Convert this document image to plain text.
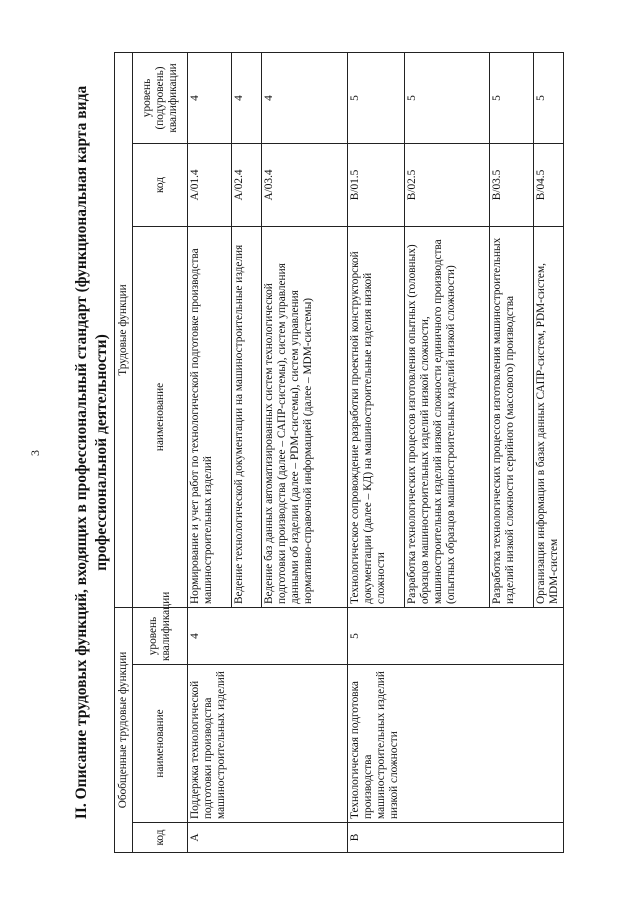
3 II. Описание трудовых функций, входящих в профессиональный стандарт (функциональная карта вида профессиональной деятельности)
Обобщенные трудовые функции			Трудовые функции		
код	наименование	уровень квалификации	наименование	код	уровень (подуровень) квалификации
A	Поддержка технологической подготовки производства машиностроительных изделий	4	Нормирование и учет работ по технологической подготовке производства машиностроительных изделий	A/01.4	4
			Ведение технологической документации на машиностроительные изделия	A/02.4	4
			Ведение баз данных автоматизированных систем технологической подготовки производства (далее – САПР-системы), систем управления данными об изделии (далее – PDM-системы), систем управления нормативно-справочной информацией (далее – MDM-системы)	A/03.4	4
B	Технологическая подготовка производства машиностроительных изделий низкой сложности	5	Технологическое сопровождение разработки проектной конструкторской документации (далее – КД) на машиностроительные изделия низкой сложности	B/01.5	5
			Разработка технологических процессов изготовления опытных (головных) образцов машиностроительных изделий низкой сложности, машиностроительных изделий низкой сложности единичного производства (опытных образцов машиностроительных изделий низкой сложности)	B/02.5	5
			Разработка технологических процессов изготовления машиностроительных изделий низкой сложности серийного (массового) производства	B/03.5	5
			Организация информации в базах данных САПР-систем, PDM-систем, MDM-систем	B/04.5	5
